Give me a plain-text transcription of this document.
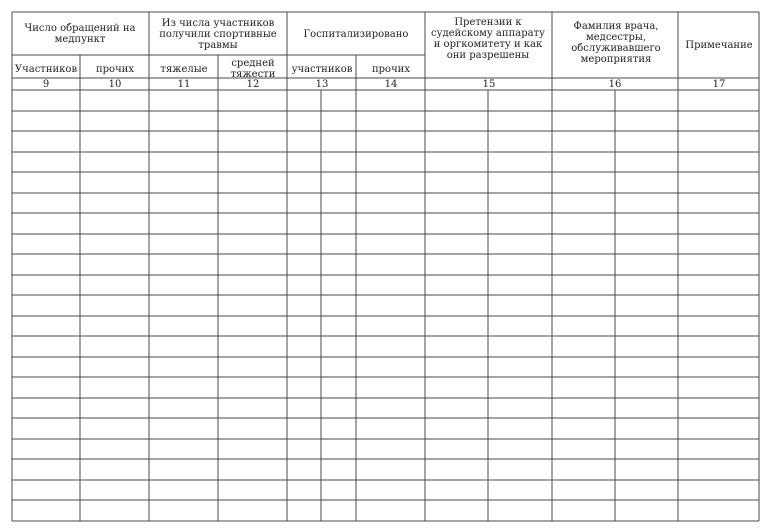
Число обращений на медпункт
Из числа участников получили спортивные травмы
Госпитализировано
Претензии к судейскому аппарату и оргкомитету и как они разрешены
Фамилия врача, медсестры, обслуживавшего мероприятия
Примечание
Участников	прочих	тяжелые	средней тяжести	участников	прочих
9	10	11	12	13	14	15	16	17
